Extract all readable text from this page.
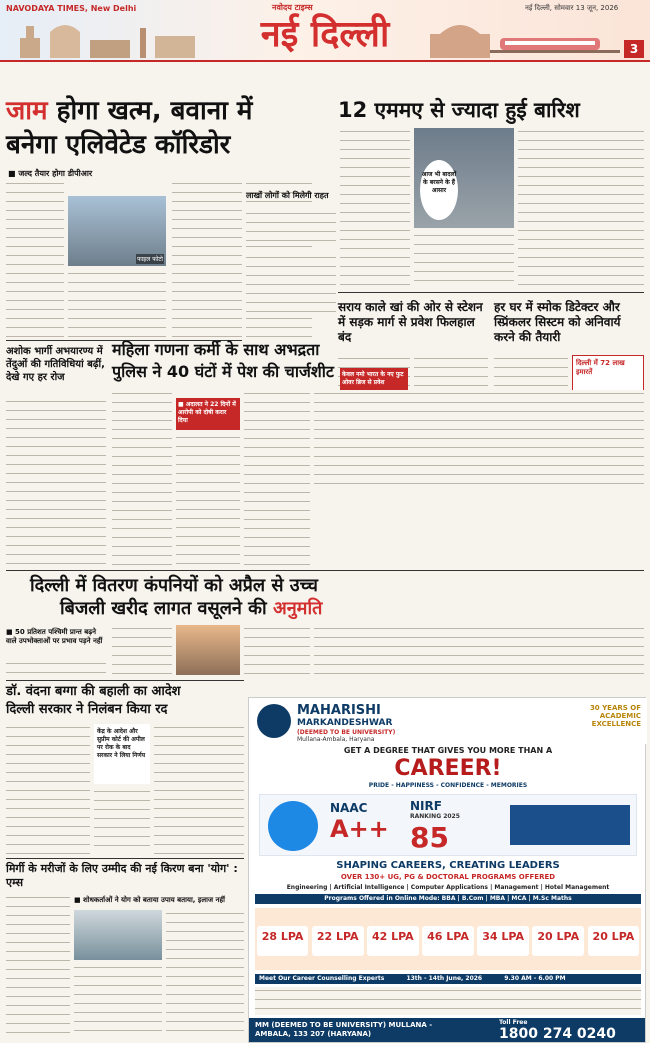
NAVODAYA TIMES, New Delhi	नवोदय टाइम्स
नई दिल्ली
नई दिल्ली, सोमवार 13 जून, 2026
3
जाम होगा खत्म, बवाना में
बनेगा एलिवेटेड कॉरिडोर
■ जल्द तैयार होगा डीपीआर
फाइल फोटो
लाखों लोगों को मिलेगी राहत
12 एममए से ज्यादा हुई बारिश
आज भी बादलों के बरसने के हैं आसार
सराय काले खां की ओर से स्टेशन में सड़क मार्ग से प्रवेश फिलहाल बंद
केवल नमो भारत के नए फुट ओवर ब्रिज से प्रवेश
हर घर में स्मोक डिटेक्टर और स्प्रिंकलर सिस्टम को अनिवार्य करने की तैयारी
दिल्ली में 72 लाख इमारतें
अशोक भार्गी अभयारण्य में तेंदुओं की गतिविधियां बढ़ीं, देखे गए हर रोज
महिला गणना कर्मी के साथ अभद्रता
पुलिस ने 40 घंटों में पेश की चार्जशीट
■ अदालत ने 22 दिनों में आरोपी को दोषी करार दिया
दिल्ली में वितरण कंपनियों को अप्रैल से उच्च
बिजली खरीद लागत वसूलने की अनुमति
■ 50 प्रतिशत पश्चिमी प्रान्त बढ़ने वाले उपभोक्ताओं पर प्रभाव पड़ने नहीं
डॉ. वंदना बग्गा की बहाली का आदेश
दिल्ली सरकार ने निलंबन किया रद
केंद्र के आदेश और सुप्रीम कोर्ट की अपील पर रोक के बाद सरकार ने लिया निर्णय
मिर्गी के मरीजों के लिए उम्मीद की नई किरण बना 'योग' : एम्स
■ शोधकर्ताओं ने योग को बताया उपाय बताया, इलाज नहीं
MAHARISHI
MARKANDESHWAR
(DEEMED TO BE UNIVERSITY)
Mullana-Ambala, Haryana
30 YEARS OF ACADEMIC EXCELLENCE
GET A DEGREE THAT GIVES YOU MORE THAN A
CAREER!
PRIDE - HAPPINESS - CONFIDENCE - MEMORIES
NAAC
A++
NIRF
RANKING 2025
85
SHAPING CAREERS, CREATING LEADERS
OVER 130+ UG, PG & DOCTORAL PROGRAMS OFFERED
Engineering | Artificial Intelligence | Computer Applications | Management | Hotel Management
Programs Offered in Online Mode: BBA | B.Com | MBA | MCA | M.Sc Maths
28 LPA	22 LPA	42 LPA	46 LPA	34 LPA	20 LPA	20 LPA
Meet Our Career Counselling Experts	13th - 14th June, 2026	9.30 AM - 6.00 PM
MM (DEEMED TO BE UNIVERSITY) MULLANA - AMBALA, 133 207 (HARYANA)
Toll Free
1800 274 0240
